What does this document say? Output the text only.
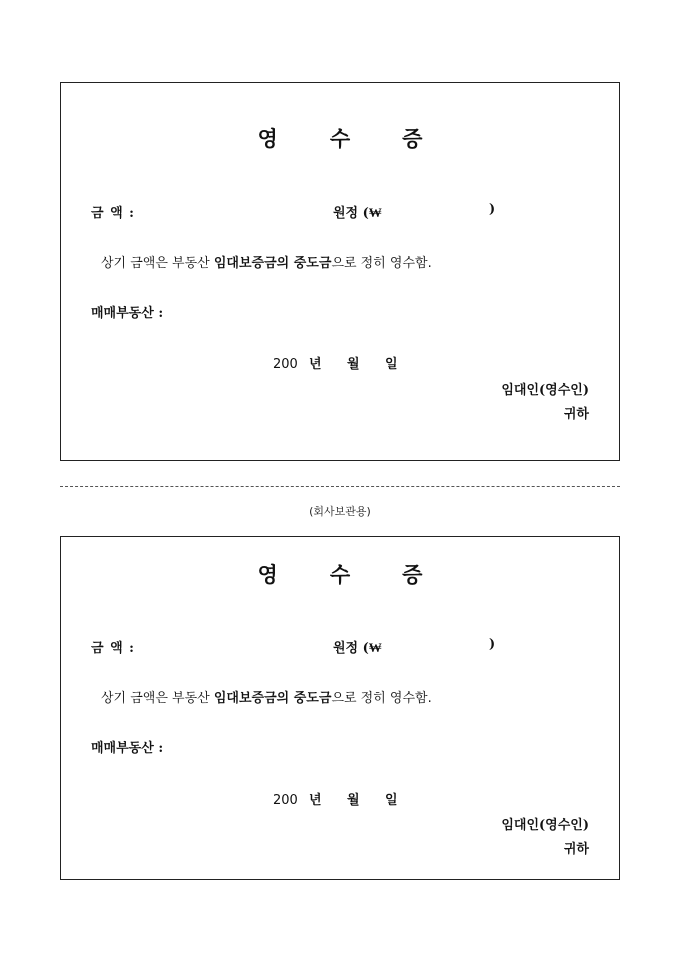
영 수 증
금 액 :	원정 (₩	)
상기 금액은 부동산 임대보증금의 중도금으로 정히 영수함.
매매부동산 :
200 년 월 일
임대인(영수인)
귀하
(회사보관용)
영 수 증
금 액 :	원정 (₩	)
상기 금액은 부동산 임대보증금의 중도금으로 정히 영수함.
매매부동산 :
200 년 월 일
임대인(영수인)
귀하
